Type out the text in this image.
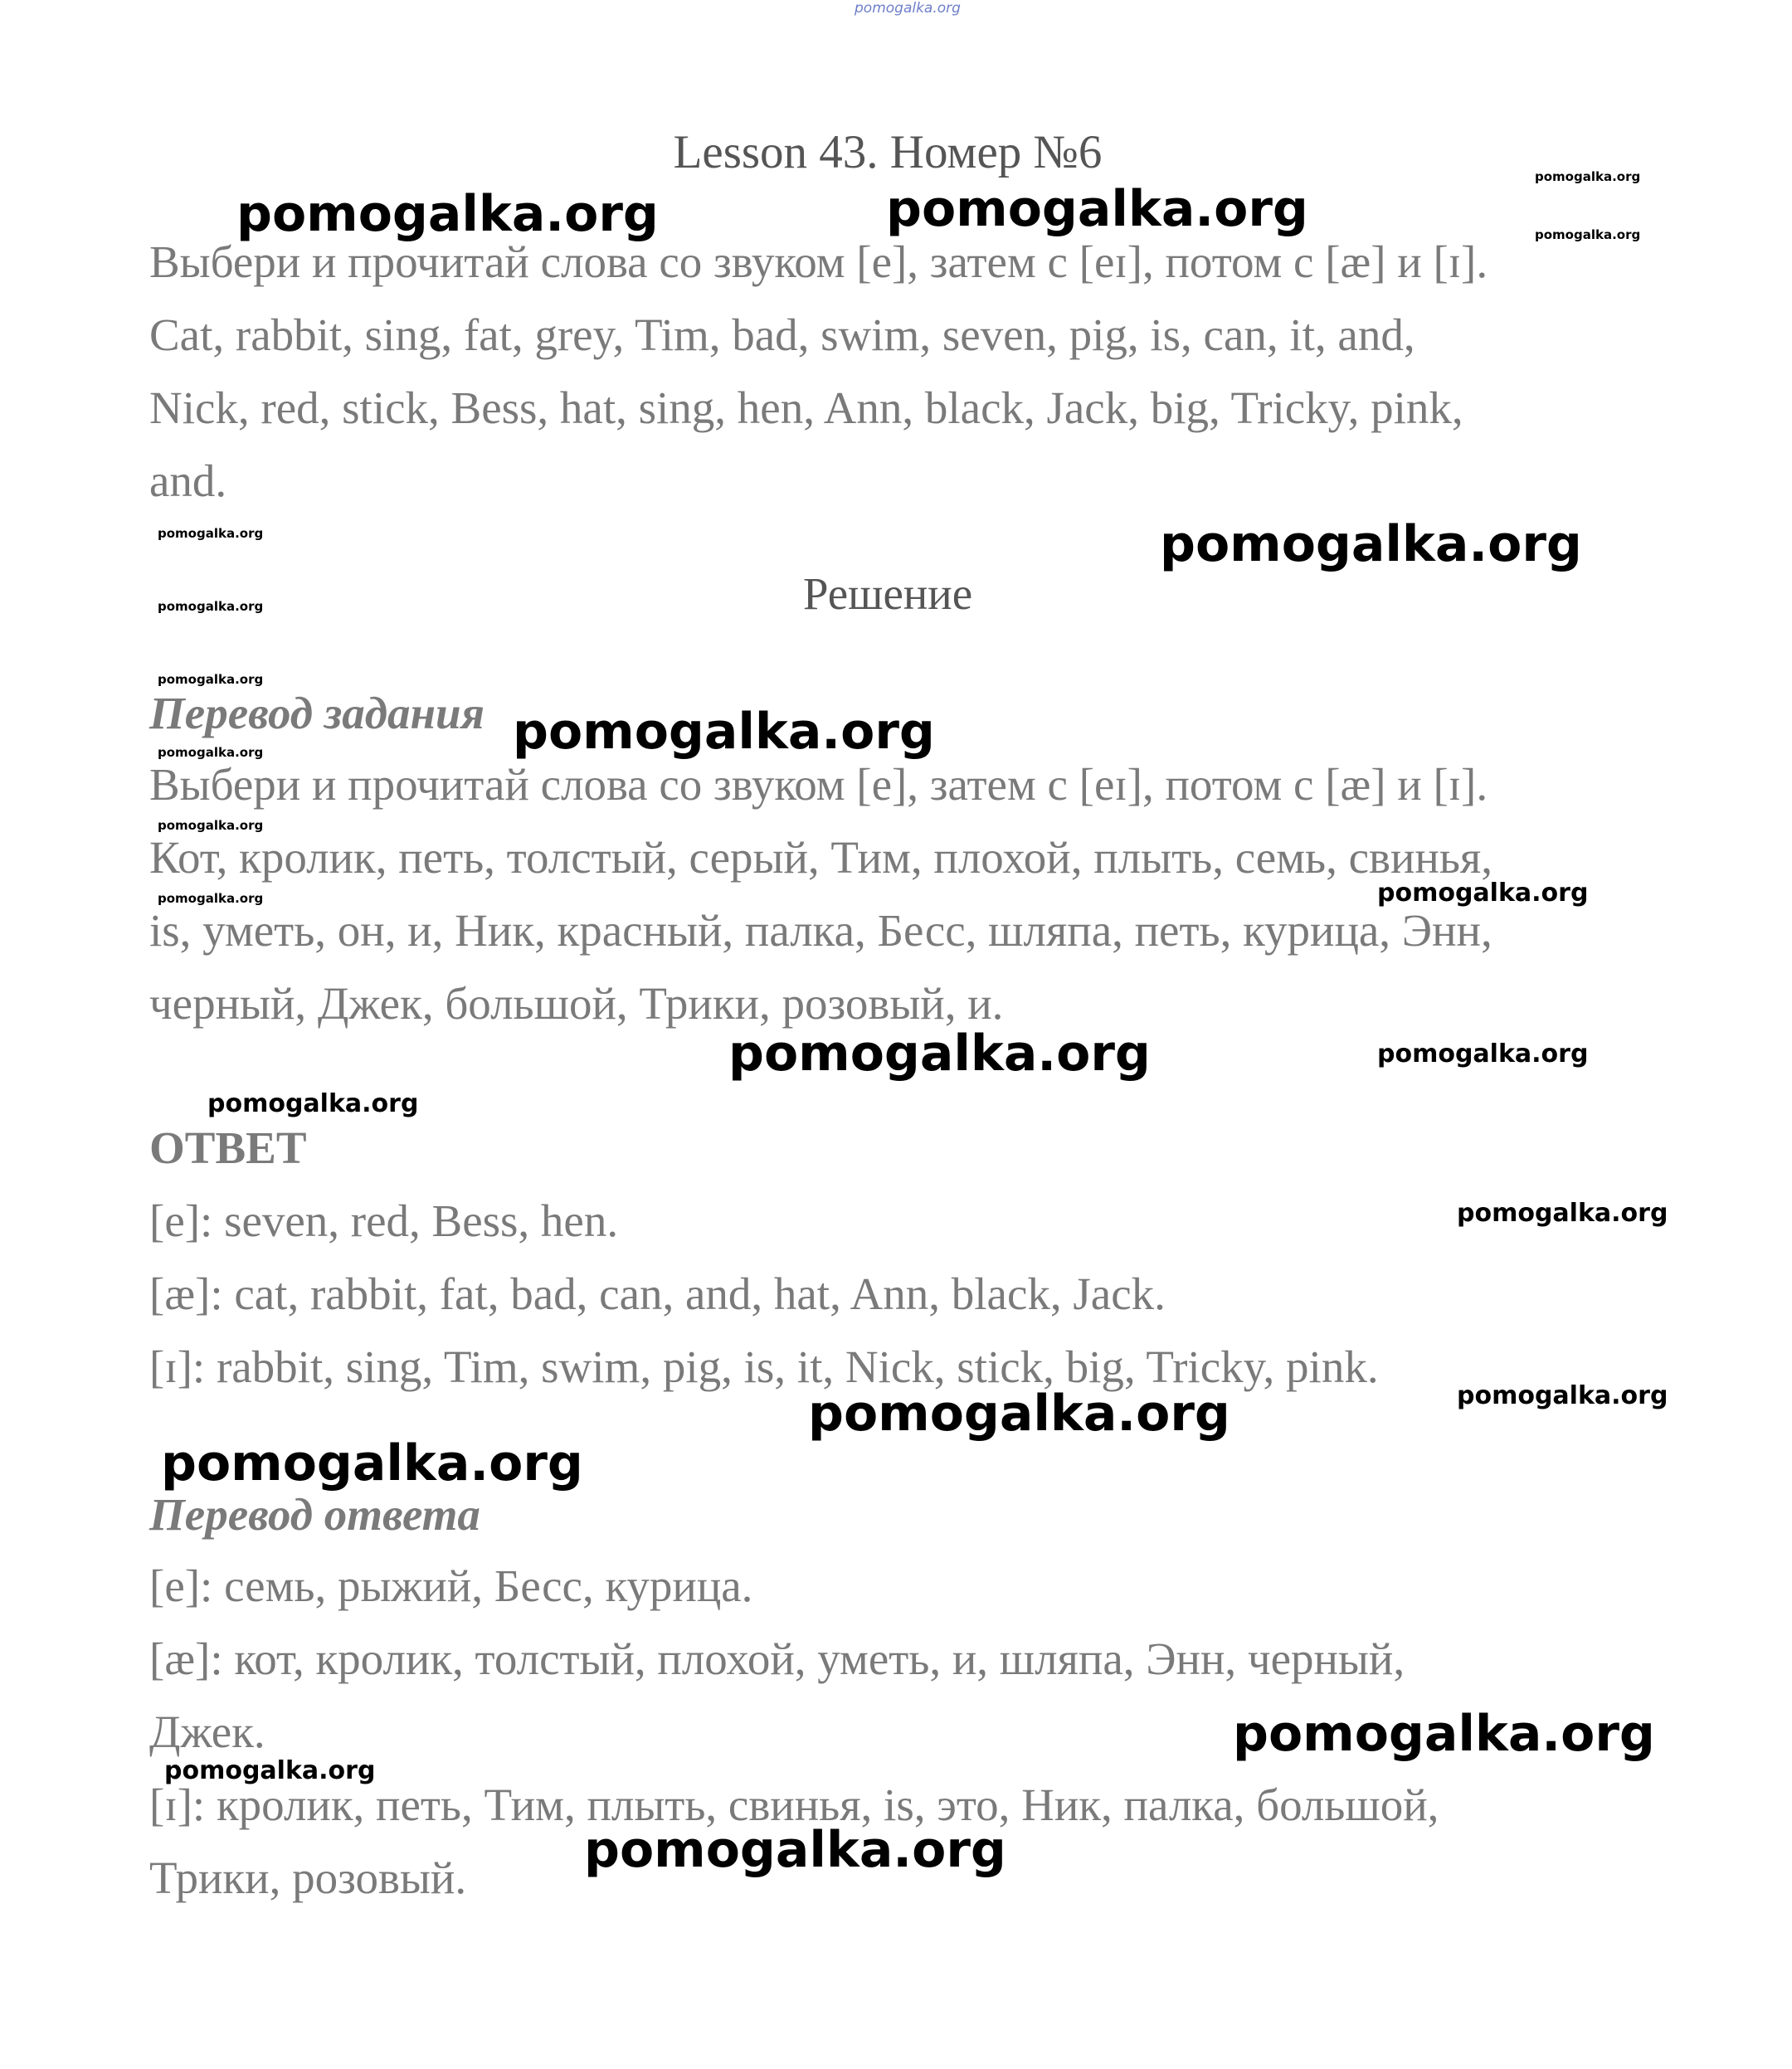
pomogalka.org

Lesson 43. Номер №6

Выбери и прочитай слова со звуком [e], затем с [eɪ], потом с [æ] и [ɪ].

Cat, rabbit, sing, fat, grey, Tim, bad, swim, seven, pig, is, can, it, and,

Nick, red, stick, Bess, hat, sing, hen, Ann, black, Jack, big, Tricky, pink,

and.

Решение

Перевод задания

Выбери и прочитай слова со звуком [e], затем с [eɪ], потом с [æ] и [ɪ].

Кот, кролик, петь, толстый, серый, Тим, плохой, плыть, семь, свинья,

is, уметь, он, и, Ник, красный, палка, Бесс, шляпа, петь, курица, Энн,

черный, Джек, большой, Трики, розовый, и.

ОТВЕТ

[e]: seven, red, Bess, hen.

[æ]: cat, rabbit, fat, bad, can, and, hat, Ann, black, Jack.

[ɪ]: rabbit, sing, Tim, swim, pig, is, it, Nick, stick, big, Tricky, pink.

Перевод ответа

[e]: семь, рыжий, Бесс, курица.

[æ]: кот, кролик, толстый, плохой, уметь, и, шляпа, Энн, черный,

Джек.

[ɪ]: кролик, петь, Тим, плыть, свинья, is, это, Ник, палка, большой,

Трики, розовый.

pomogalka.org	pomogalka.org
pomogalka.org
pomogalka.org
pomogalka.org	pomogalka.org
pomogalka.org
pomogalka.org
pomogalka.org
pomogalka.org
pomogalka.org
pomogalka.org	pomogalka.org
pomogalka.org	pomogalka.org
pomogalka.org
pomogalka.org
pomogalka.org
pomogalka.org
pomogalka.org
pomogalka.org
pomogalka.org
pomogalka.org
